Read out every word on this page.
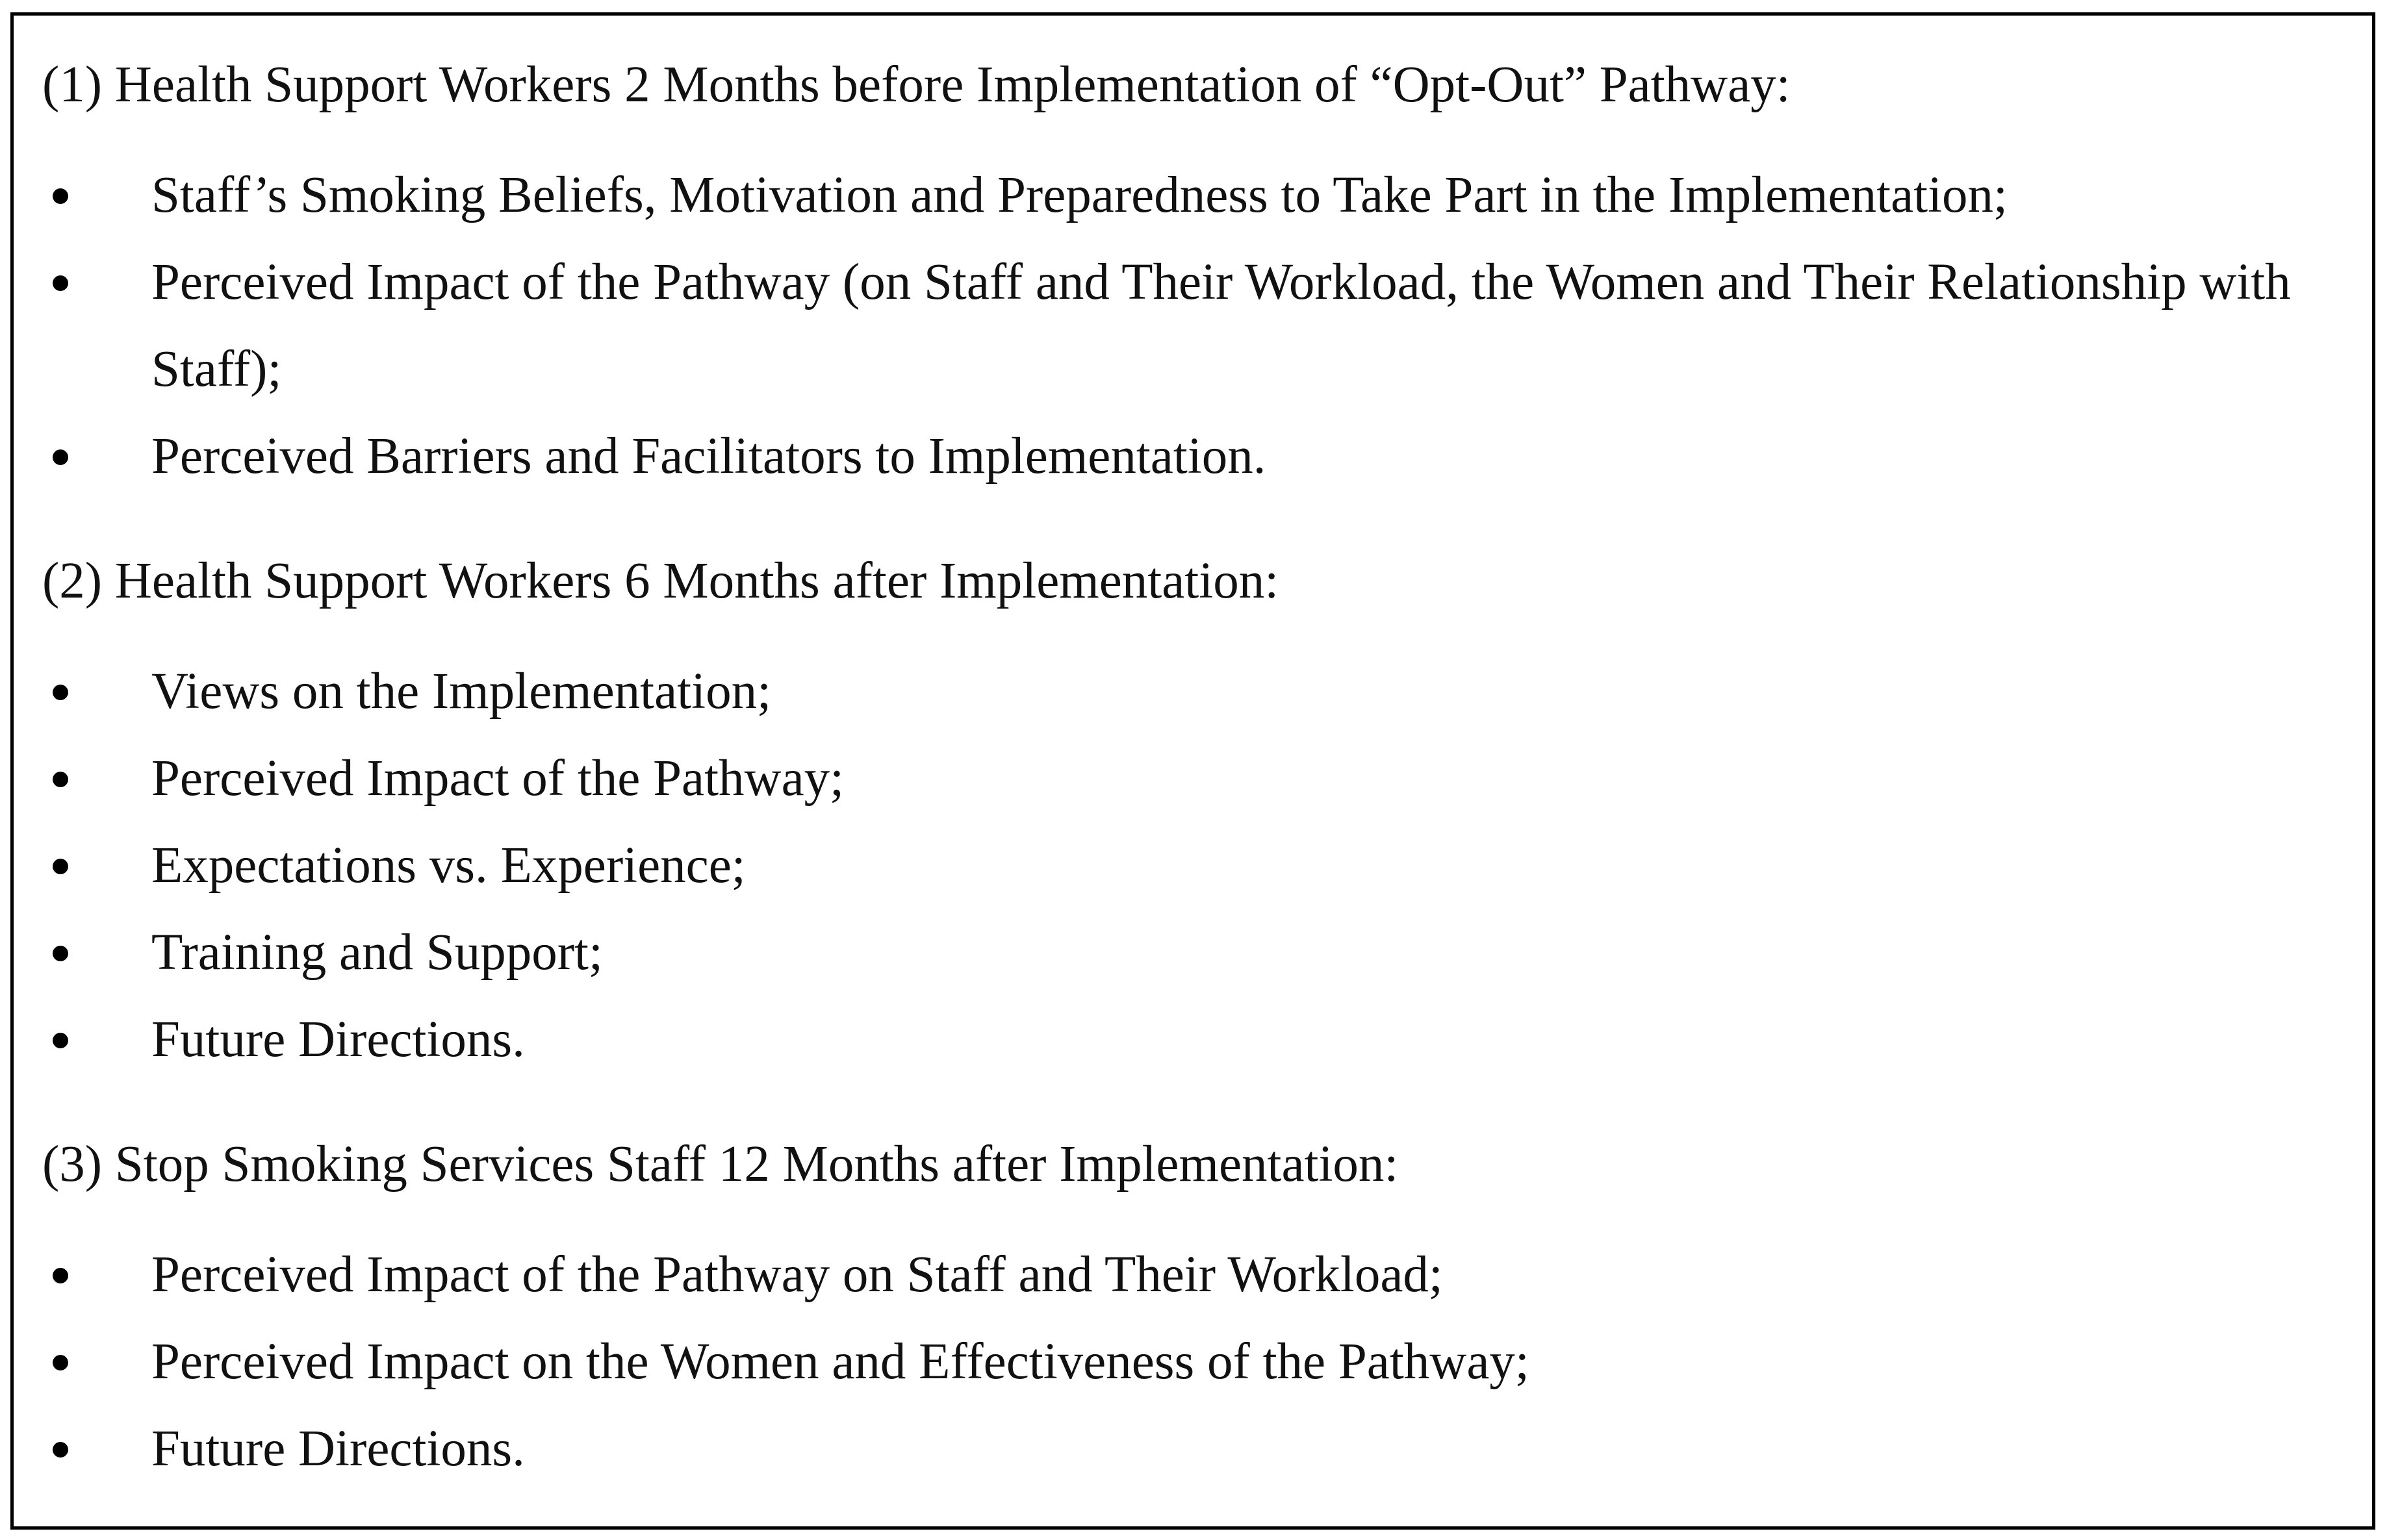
(1) Health Support Workers 2 Months before Implementation of “Opt-Out” Pathway:

Staff’s Smoking Beliefs, Motivation and Preparedness to Take Part in the Implementation;
Perceived Impact of the Pathway (on Staff and Their Workload, the Women and Their Relationship with Staff);
Perceived Barriers and Facilitators to Implementation.

(2) Health Support Workers 6 Months after Implementation:

Views on the Implementation;
Perceived Impact of the Pathway;
Expectations vs. Experience;
Training and Support;
Future Directions.

(3) Stop Smoking Services Staff 12 Months after Implementation:

Perceived Impact of the Pathway on Staff and Their Workload;
Perceived Impact on the Women and Effectiveness of the Pathway;
Future Directions.
